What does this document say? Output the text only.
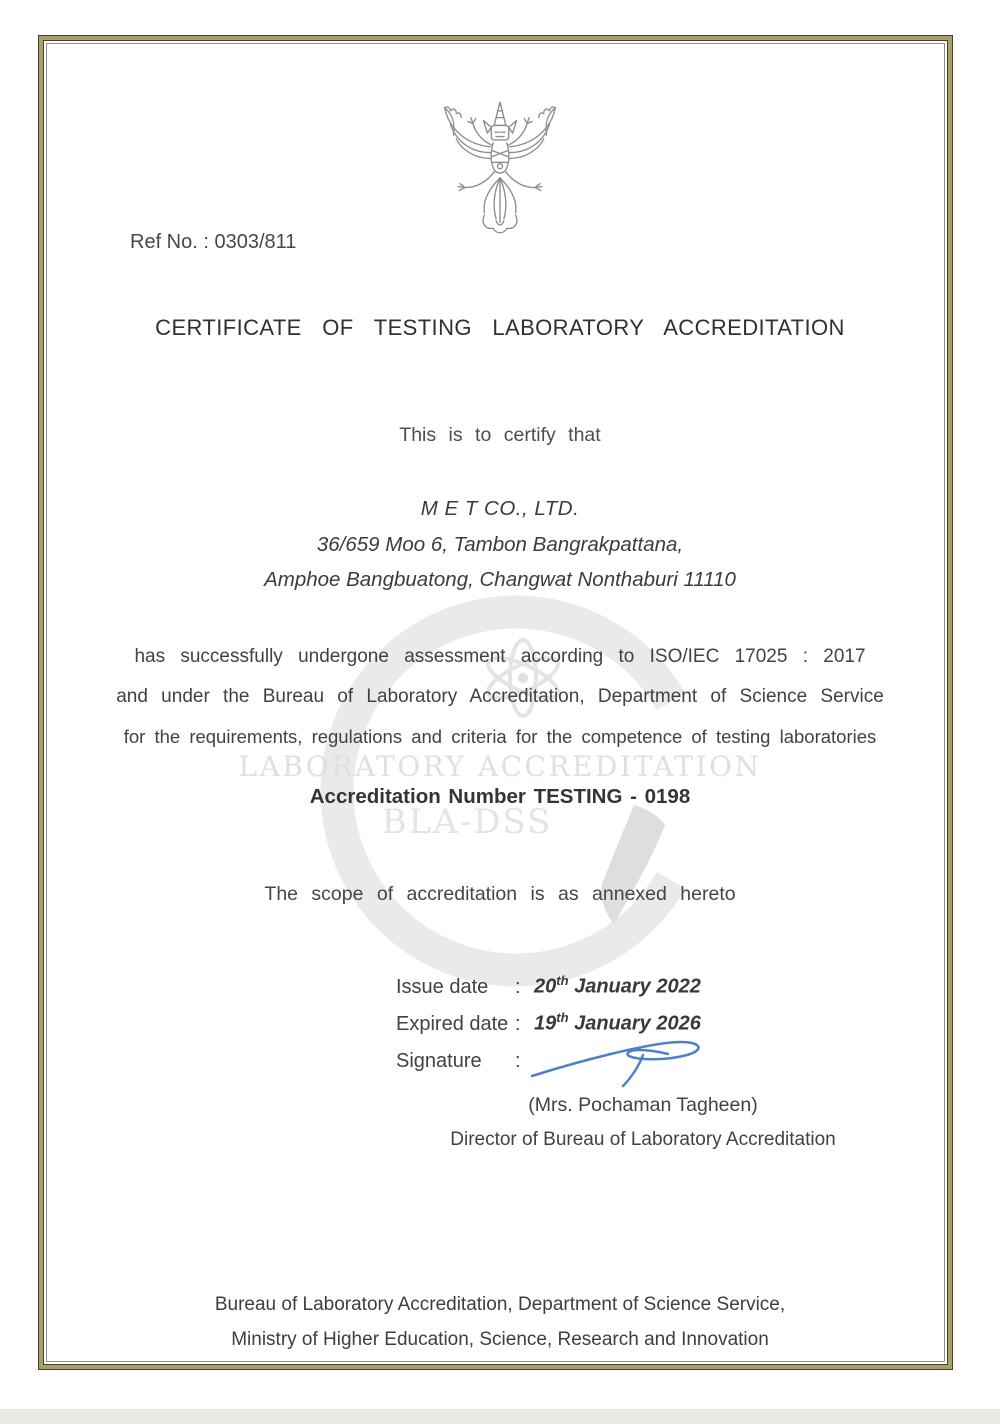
LABORATORY ACCREDITATION
BLA-DSS
Ref No. : 0303/811
CERTIFICATE OF TESTING LABORATORY ACCREDITATION
This is to certify that
M E T CO., LTD.
36/659 Moo 6, Tambon Bangrakpattana,
Amphoe Bangbuatong, Changwat Nonthaburi 11110
has successfully undergone assessment according to ISO/IEC 17025 : 2017
and under the Bureau of Laboratory Accreditation, Department of Science Service
for the requirements, regulations and criteria for the competence of testing laboratories
Accreditation Number TESTING - 0198
The scope of accreditation is as annexed hereto
Issue date : 20th January 2022
Expired date : 19th January 2026
Signature :
(Mrs. Pochaman Tagheen)
Director of Bureau of Laboratory Accreditation
Bureau of Laboratory Accreditation, Department of Science Service,
Ministry of Higher Education, Science, Research and Innovation
